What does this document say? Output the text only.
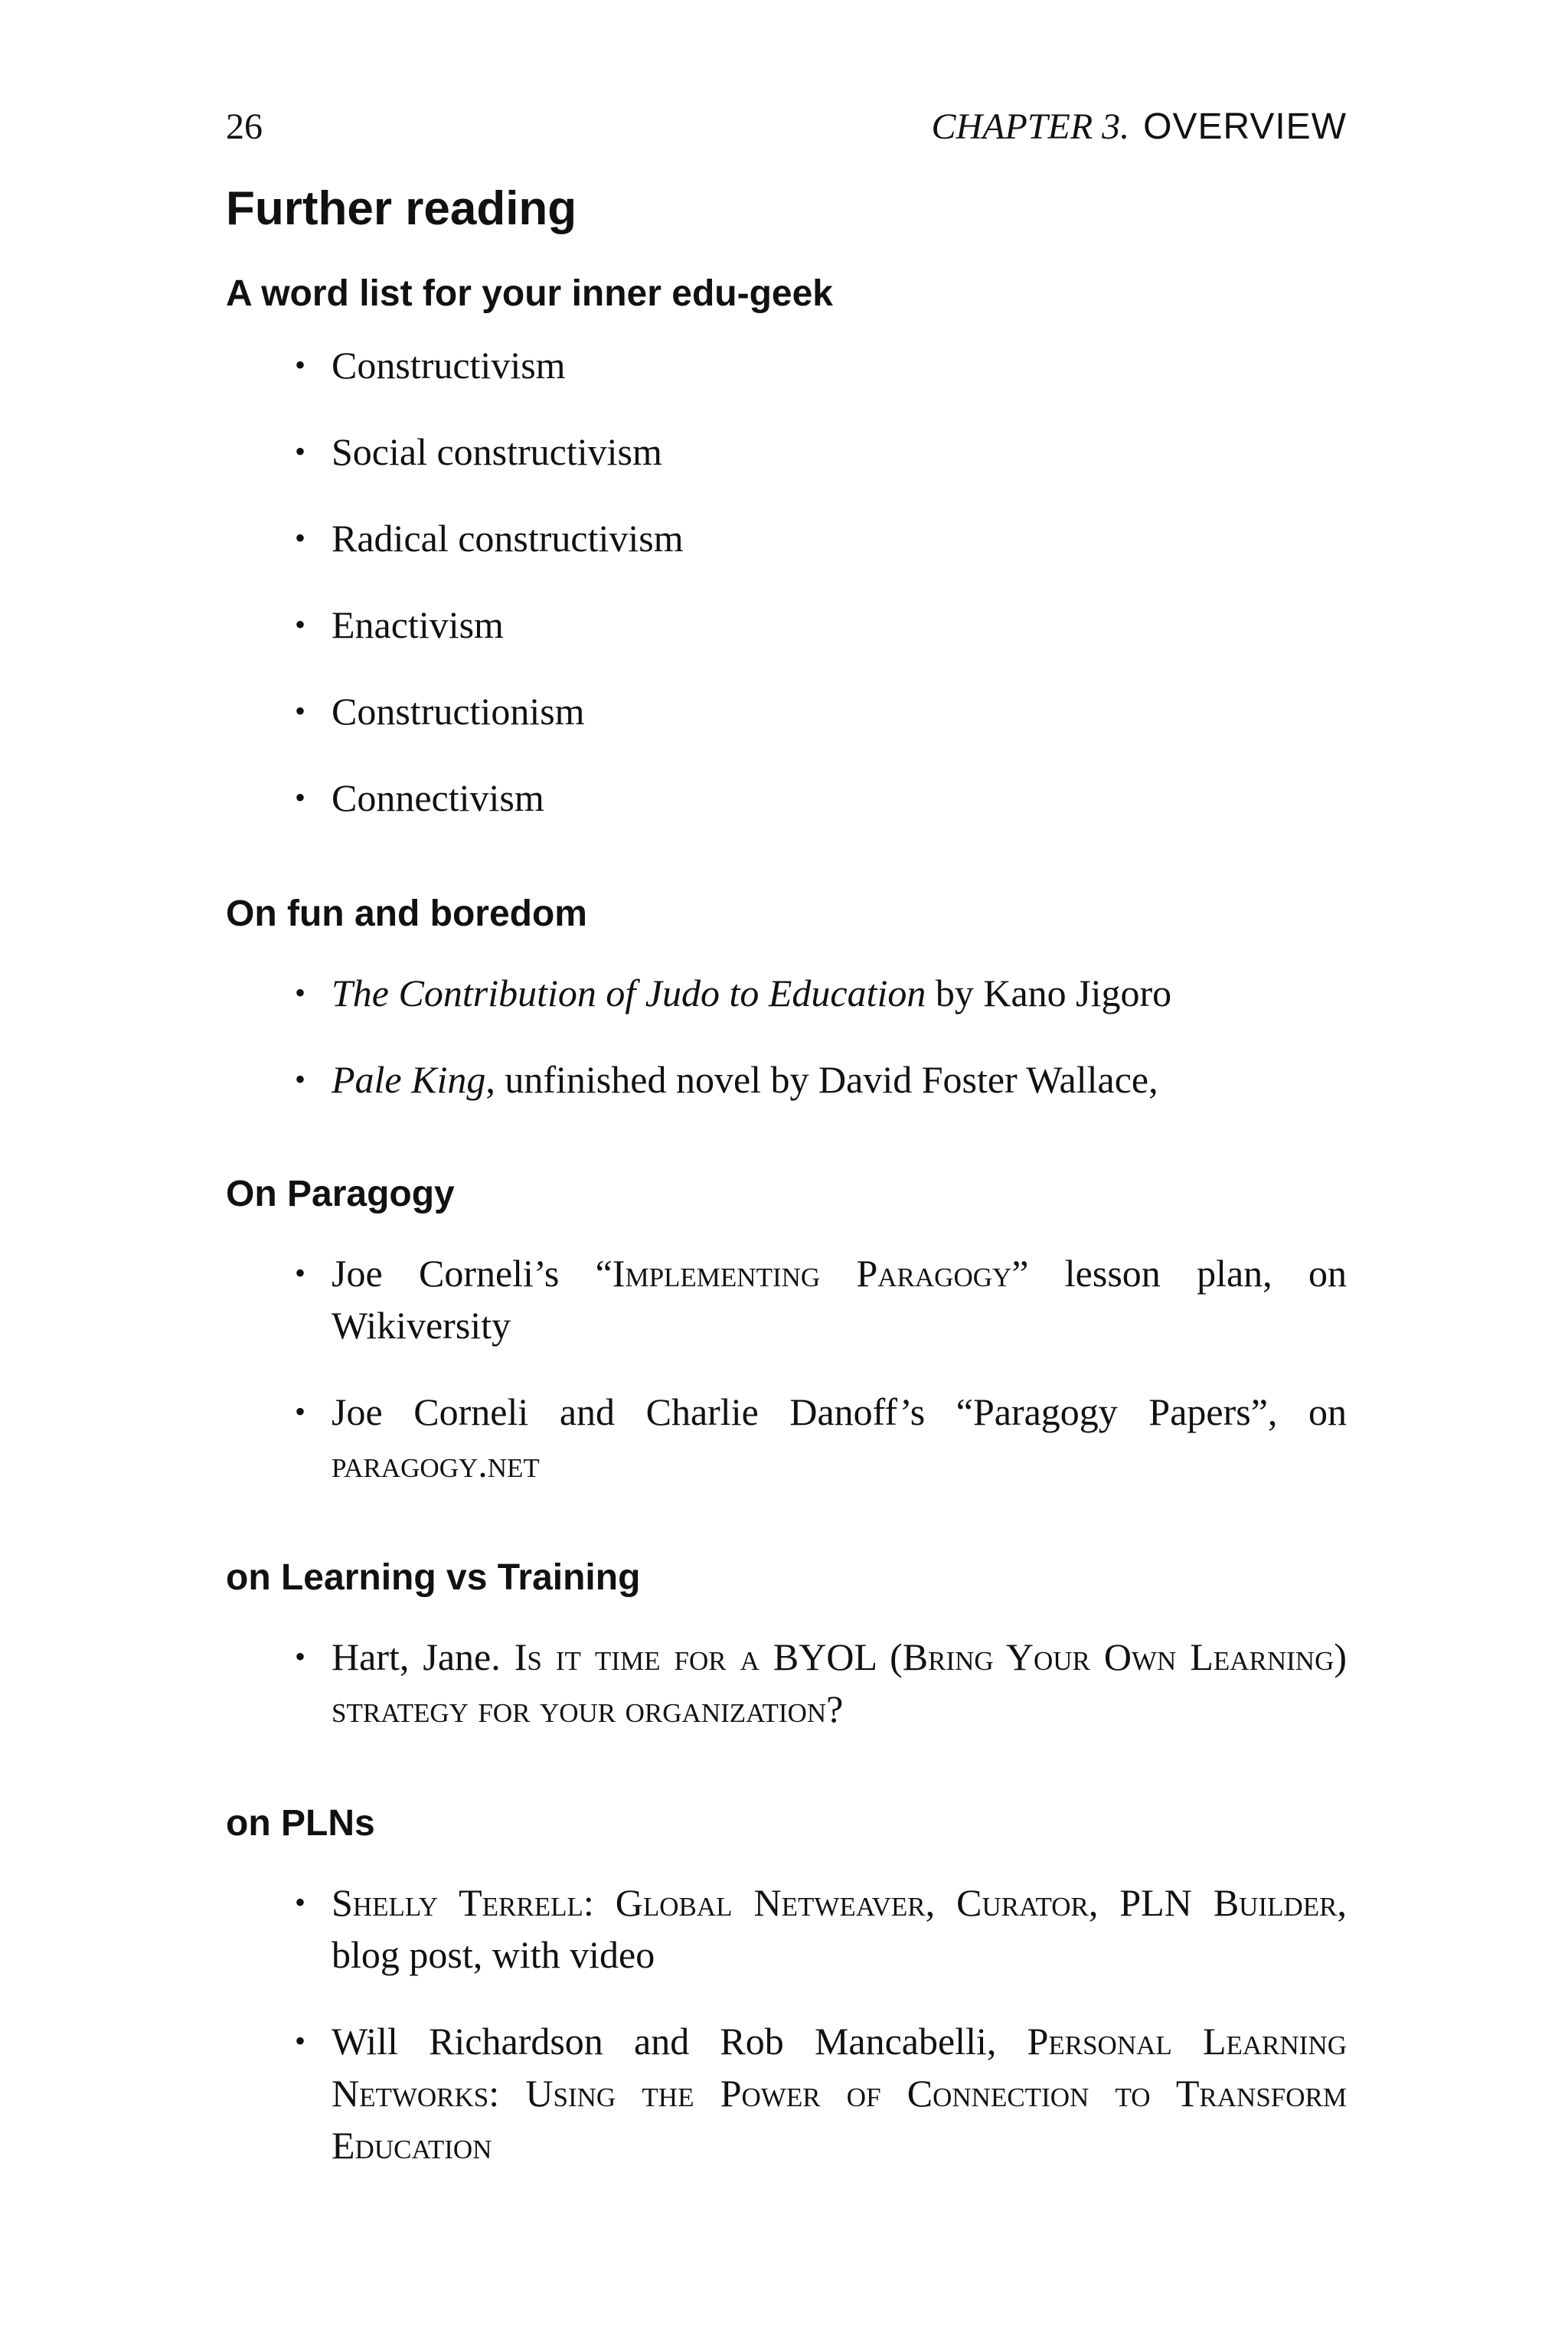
26	CHAPTER 3. OVERVIEW
Further reading
A word list for your inner edu-geek
• Constructivism
• Social constructivism
• Radical constructivism
• Enactivism
• Constructionism
• Connectivism
On fun and boredom
• The Contribution of Judo to Education by Kano Jigoro
• Pale King, unfinished novel by David Foster Wallace,
On Paragogy
• Joe Corneli’s “Implementing Paragogy” lesson plan, on Wikiversity
• Joe Corneli and Charlie Danoff’s “Paragogy Papers”, on paragogy.net
on Learning vs Training
• Hart, Jane. Is it time for a BYOL (Bring Your Own Learning) strategy for your organization?
on PLNs
• Shelly Terrell: Global Netweaver, Curator, PLN Builder, blog post, with video
• Will Richardson and Rob Mancabelli, Personal Learning Networks: Using the Power of Connection to Transform Education
